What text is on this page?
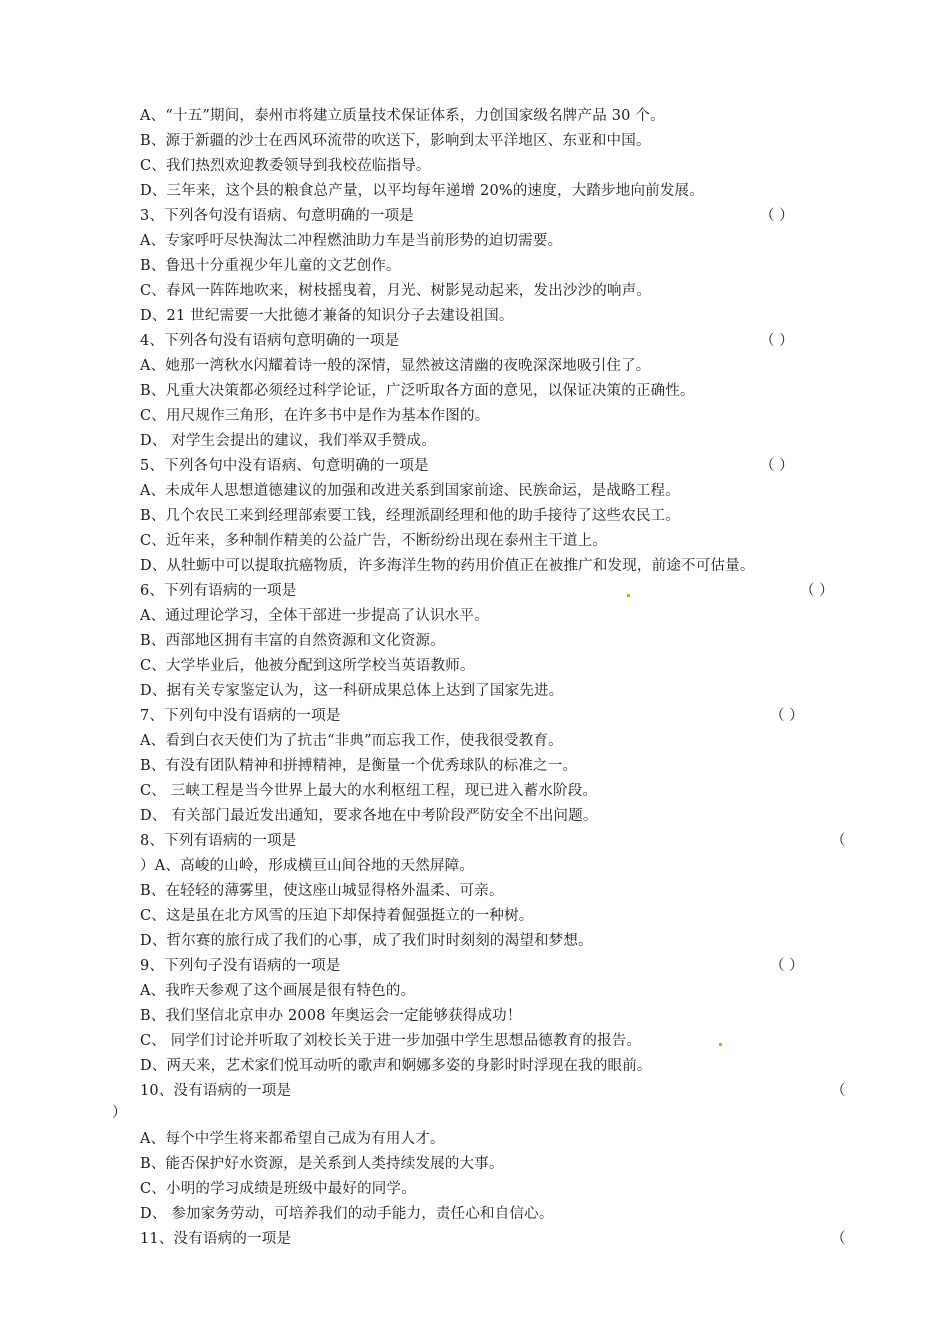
A、“十五”期间，泰州市将建立质量技术保证体系，力创国家级名牌产品 30 个。
B、源于新疆的沙士在西风环流带的吹送下，影响到太平洋地区、东亚和中国。
C、我们热烈欢迎教委领导到我校莅临指导。
D、三年来，这个县的粮食总产量，以平均每年递增 20%的速度，大踏步地向前发展。
3、下列各句没有语病、句意明确的一项是	（ ）
A、专家呼吁尽快淘汰二冲程燃油助力车是当前形势的迫切需要。
B、鲁迅十分重视少年儿童的文艺创作。
C、春风一阵阵地吹来，树枝摇曳着，月光、树影晃动起来，发出沙沙的响声。
D、21 世纪需要一大批德才兼备的知识分子去建设祖国。
4、下列各句没有语病句意明确的一项是	（ ）
A、她那一湾秋水闪耀着诗一般的深情，显然被这清幽的夜晚深深地吸引住了。
B、凡重大决策都必须经过科学论证，广泛听取各方面的意见，以保证决策的正确性。
C、用尺规作三角形，在许多书中是作为基本作图的。
D、 对学生会提出的建议，我们举双手赞成。
5、下列各句中没有语病、句意明确的一项是	（ ）
A、未成年人思想道德建议的加强和改进关系到国家前途、民族命运，是战略工程。
B、几个农民工来到经理部索要工钱，经理派副经理和他的助手接待了这些农民工。
C、近年来，多种制作精美的公益广告，不断纷纷出现在泰州主干道上。
D、从牡蛎中可以提取抗癌物质，许多海洋生物的药用价值正在被推广和发现，前途不可估量。
6、下列有语病的一项是	（ ）
A、通过理论学习，全体干部进一步提高了认识水平。
B、西部地区拥有丰富的自然资源和文化资源。
C、大学毕业后，他被分配到这所学校当英语教师。
D、据有关专家鉴定认为，这一科研成果总体上达到了国家先进。
7、下列句中没有语病的一项是	（ ）
A、看到白衣天使们为了抗击“非典”而忘我工作，使我很受教育。
B、有没有团队精神和拼搏精神，是衡量一个优秀球队的标准之一。
C、 三峡工程是当今世界上最大的水利枢纽工程，现已进入蓄水阶段。
D、 有关部门最近发出通知，要求各地在中考阶段严防安全不出问题。
8、下列有语病的一项是	（
）A、高峻的山岭，形成横亘山间谷地的天然屏障。
B、在轻轻的薄雾里，使这座山城显得格外温柔、可亲。
C、这是虽在北方风雪的压迫下却保持着倔强挺立的一种树。
D、哲尔赛的旅行成了我们的心事，成了我们时时刻刻的渴望和梦想。
9、下列句子没有语病的一项是	（ ）
A、我昨天参观了这个画展是很有特色的。
B、我们坚信北京申办 2008 年奥运会一定能够获得成功！
C、 同学们讨论并听取了刘校长关于进一步加强中学生思想品德教育的报告。
D、两天来，艺术家们悦耳动听的歌声和婀娜多姿的身影时时浮现在我的眼前。
10、没有语病的一项是	（
）
A、每个中学生将来都希望自己成为有用人才。
B、能否保护好水资源，是关系到人类持续发展的大事。
C、小明的学习成绩是班级中最好的同学。
D、 参加家务劳动，可培养我们的动手能力，责任心和自信心。
11、没有语病的一项是	（
